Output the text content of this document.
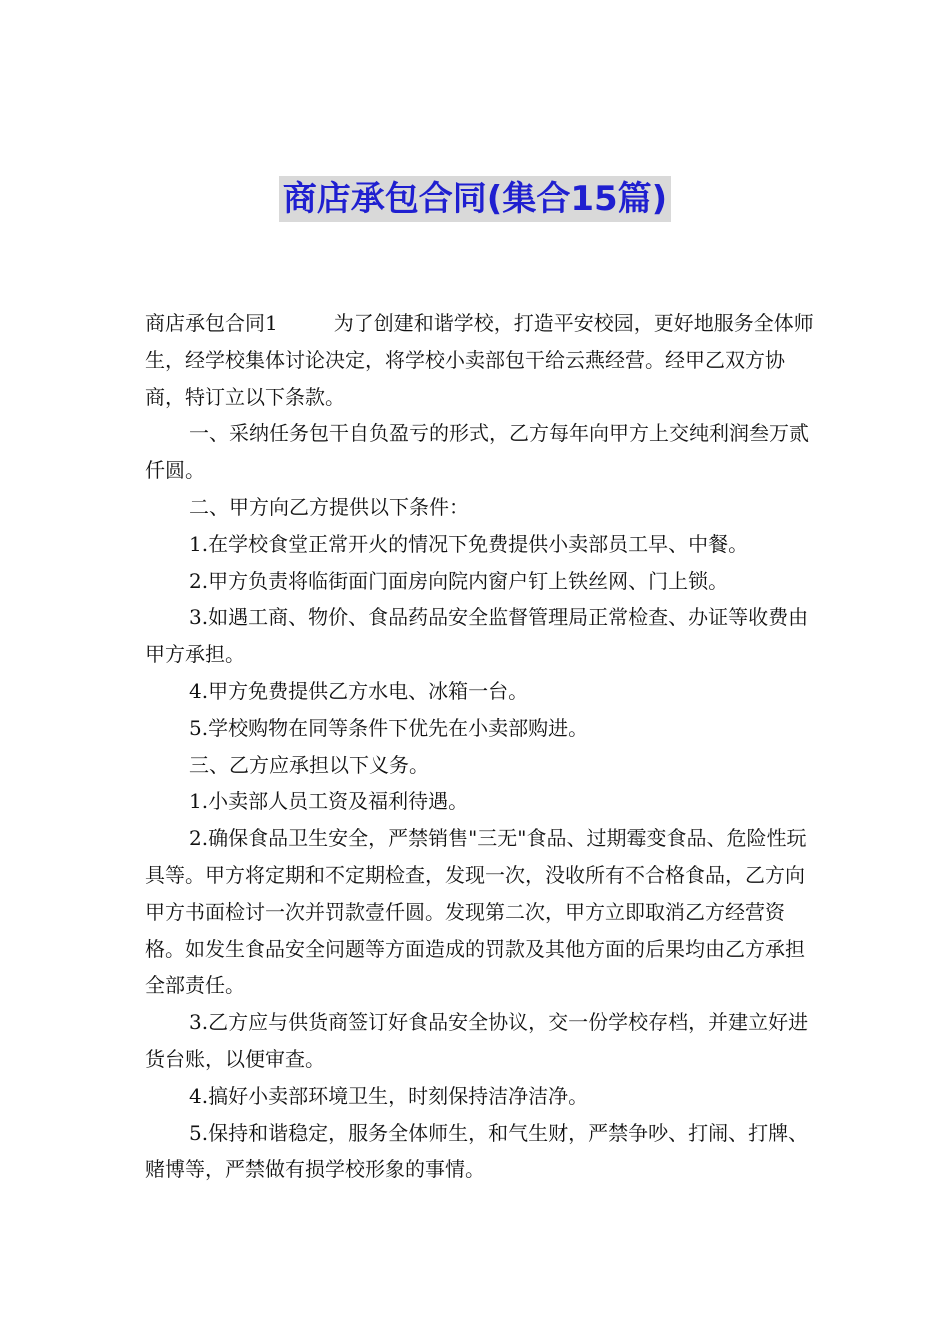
商店承包合同(集合15篇)

商店承包合同1	为了创建和谐学校，打造平安校园，更好地服务全体师生，经学校集体讨论决定，将学校小卖部包干给云燕经营。经甲乙双方协商，特订立以下条款。

一、采纳任务包干自负盈亏的形式，乙方每年向甲方上交纯利润叁万贰仟圆。

二、甲方向乙方提供以下条件：

1.在学校食堂正常开火的情况下免费提供小卖部员工早、中餐。

2.甲方负责将临街面门面房向院内窗户钉上铁丝网、门上锁。

3.如遇工商、物价、食品药品安全监督管理局正常检查、办证等收费由甲方承担。

4.甲方免费提供乙方水电、冰箱一台。

5.学校购物在同等条件下优先在小卖部购进。

三、乙方应承担以下义务。

1.小卖部人员工资及福利待遇。

2.确保食品卫生安全，严禁销售"三无"食品、过期霉变食品、危险性玩具等。甲方将定期和不定期检查，发现一次，没收所有不合格食品，乙方向甲方书面检讨一次并罚款壹仟圆。发现第二次，甲方立即取消乙方经营资格。如发生食品安全问题等方面造成的罚款及其他方面的后果均由乙方承担全部责任。

3.乙方应与供货商签订好食品安全协议，交一份学校存档，并建立好进货台账，以便审查。

4.搞好小卖部环境卫生，时刻保持洁净洁净。

5.保持和谐稳定，服务全体师生，和气生财，严禁争吵、打闹、打牌、赌博等，严禁做有损学校形象的事情。
